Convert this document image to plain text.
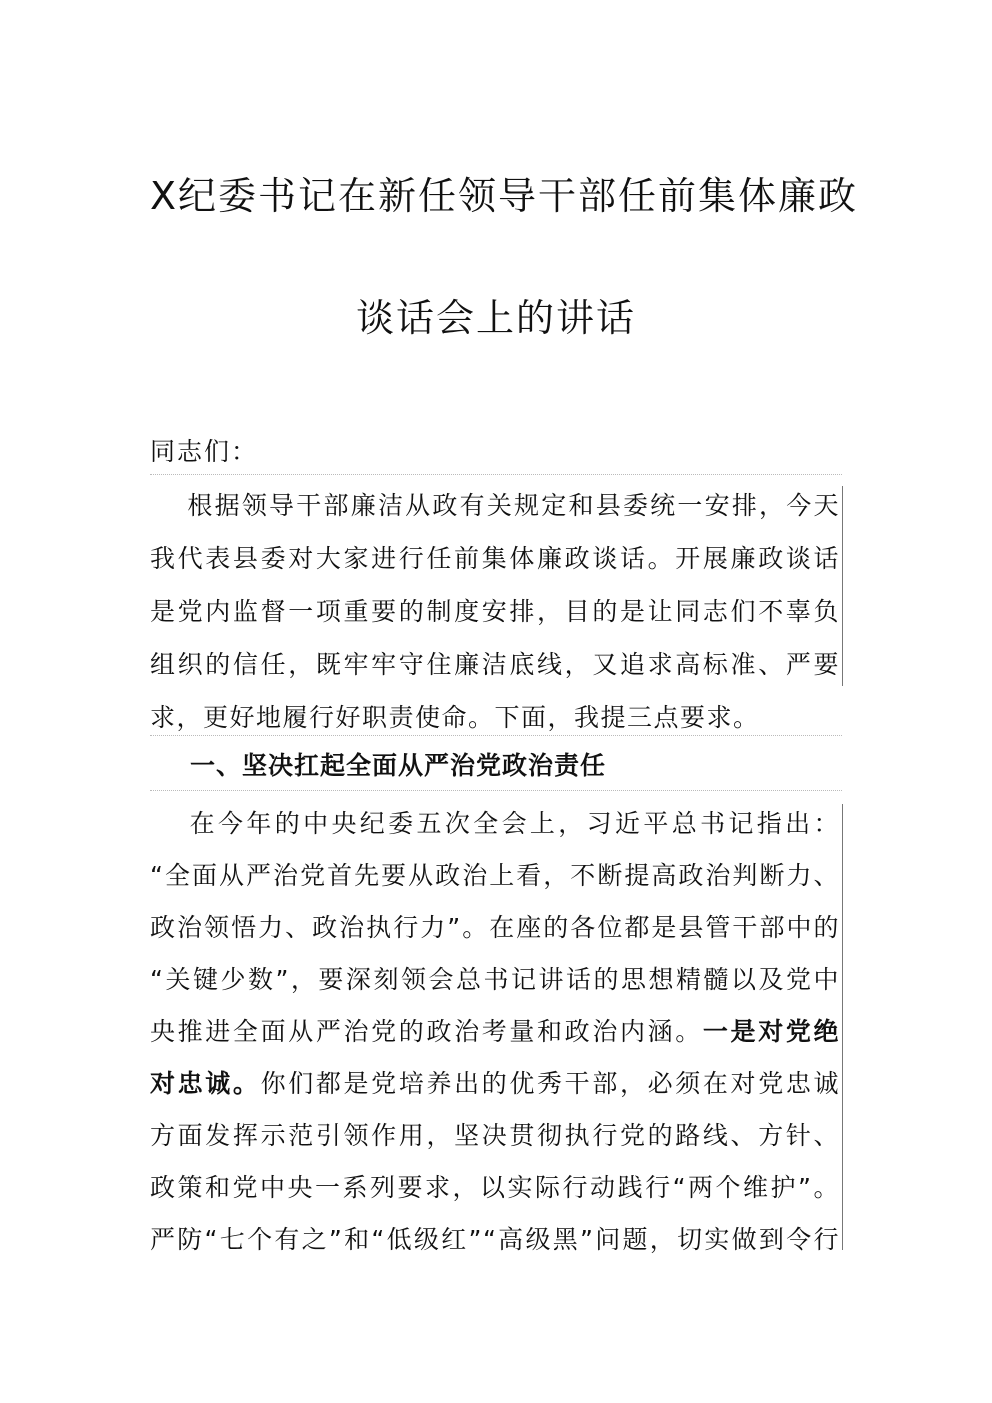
X纪委书记在新任领导干部任前集体廉政
谈话会上的讲话
同志们：
　 根据领导干部廉洁从政有关规定和县委统一安排，今天
我代表县委对大家进行任前集体廉政谈话。开展廉政谈话
是党内监督一项重要的制度安排，目的是让同志们不辜负
组织的信任，既牢牢守住廉洁底线，又追求高标准、严要
求，更好地履行好职责使命。下面，我提三点要求。
一、坚决扛起全面从严治党政治责任
　 在今年的中央纪委五次全会上，习近平总书记指出：
“全面从严治党首先要从政治上看，不断提高政治判断力、
政治领悟力、政治执行力”。在座的各位都是县管干部中的
“关键少数”，要深刻领会总书记讲话的思想精髓以及党中
央推进全面从严治党的政治考量和政治内涵。一是对党绝
对忠诚。你们都是党培养出的优秀干部，必须在对党忠诚
方面发挥示范引领作用，坚决贯彻执行党的路线、方针、
政策和党中央一系列要求，以实际行动践行“两个维护”。
严防“七个有之”和“低级红”“高级黑”问题，切实做到令行
